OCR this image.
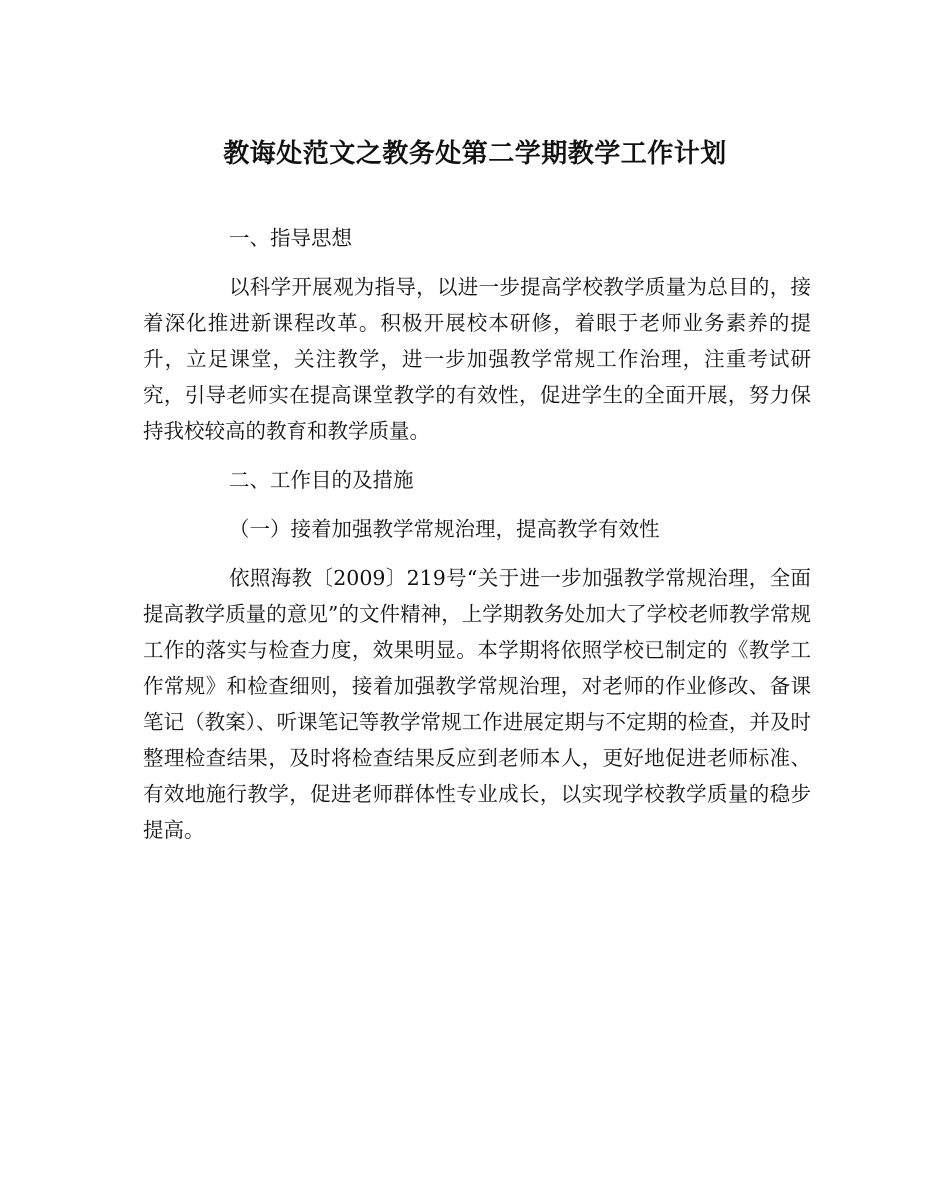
教诲处范文之教务处第二学期教学工作计划

一、指导思想

以科学开展观为指导，以进一步提高学校教学质量为总目的，接着深化推进新课程改革。积极开展校本研修，着眼于老师业务素养的提升，立足课堂，关注教学，进一步加强教学常规工作治理，注重考试研究，引导老师实在提高课堂教学的有效性，促进学生的全面开展，努力保持我校较高的教育和教学质量。

二、工作目的及措施

（一）接着加强教学常规治理，提高教学有效性

依照海教〔2009〕219号“关于进一步加强教学常规治理，全面提高教学质量的意见”的文件精神，上学期教务处加大了学校老师教学常规工作的落实与检查力度，效果明显。本学期将依照学校已制定的《教学工作常规》和检查细则，接着加强教学常规治理，对老师的作业修改、备课笔记（教案）、听课笔记等教学常规工作进展定期与不定期的检查，并及时整理检查结果，及时将检查结果反应到老师本人，更好地促进老师标准、有效地施行教学，促进老师群体性专业成长，以实现学校教学质量的稳步提高。
